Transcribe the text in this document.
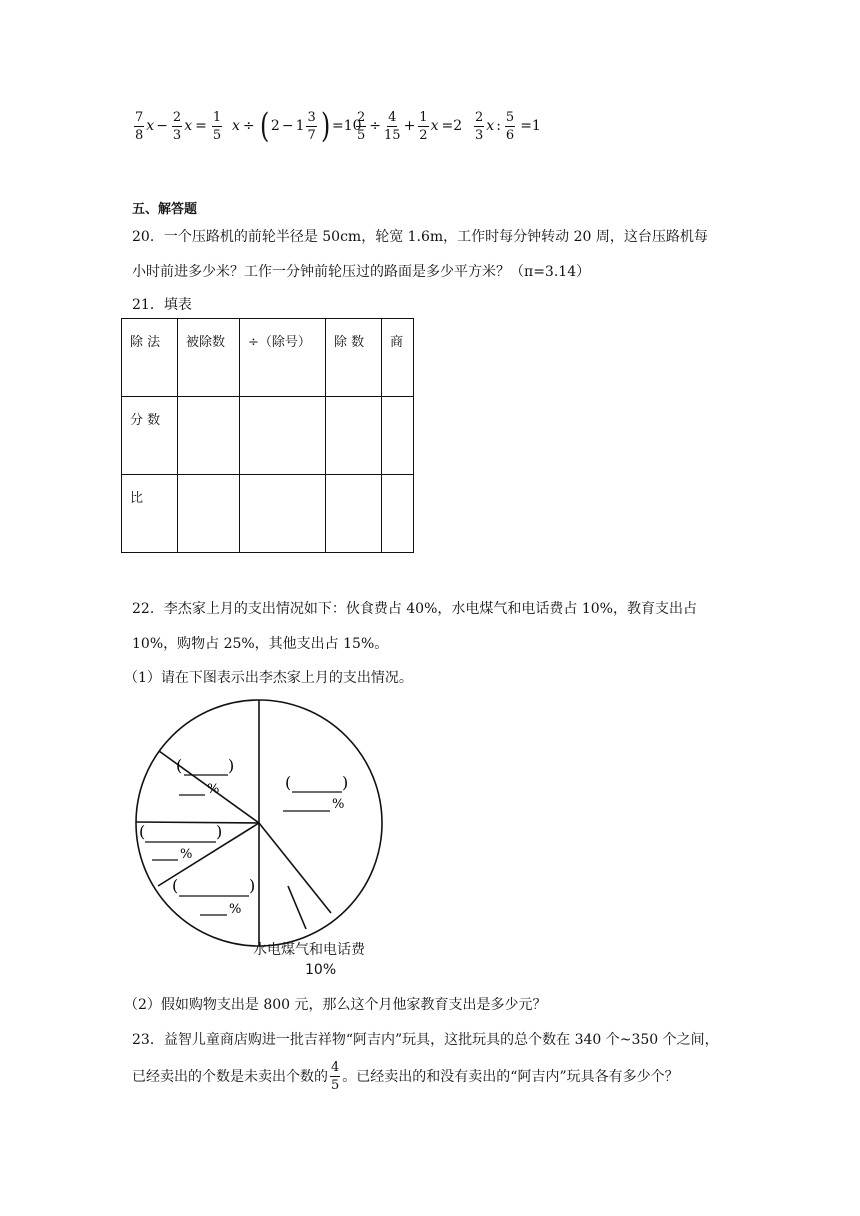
$\frac{7}{8}$ $x - \frac{2}{3}$ $x = \frac{1}{5}$ x ÷ ( $2 - 1 \frac{3}{7}$ ) =10
$\frac{2}{5} \div \frac{4}{15} + \frac{1}{2}$ $x =2 \frac{2}{3}$ x : $\frac{5}{6} =1$
五、解答题
20．一个压路机的前轮半径是 50cm，轮宽 1.6m，工作时每分钟转动 20 周，这台压路机每
小时前进多少米？工作一分钟前轮压过的路面是多少平方米？（π=3.14）
21．填表
除 法	被除数	÷（除号）	除 数	商
分 数				
比				
22．李杰家上月的支出情况如下：伙食费占 40%，水电煤气和电话费占 10%，教育支出占
10%，购物占 25%，其他支出占 15%。
（1）请在下图表示出李杰家上月的支出情况。
(	)
%	(	)
%
(	)
%
(	)
%
水电煤气和电话费
10%
（2）假如购物支出是 800 元，那么这个月他家教育支出是多少元？
23．益智儿童商店购进一批吉祥物“阿吉内”玩具，这批玩具的总个数在 340 个~350 个之间，
已经卖出的个数是未卖出个数的 $\frac{4}{5}$ 。已经卖出的和没有卖出的“阿吉内”玩具各有多少个？
